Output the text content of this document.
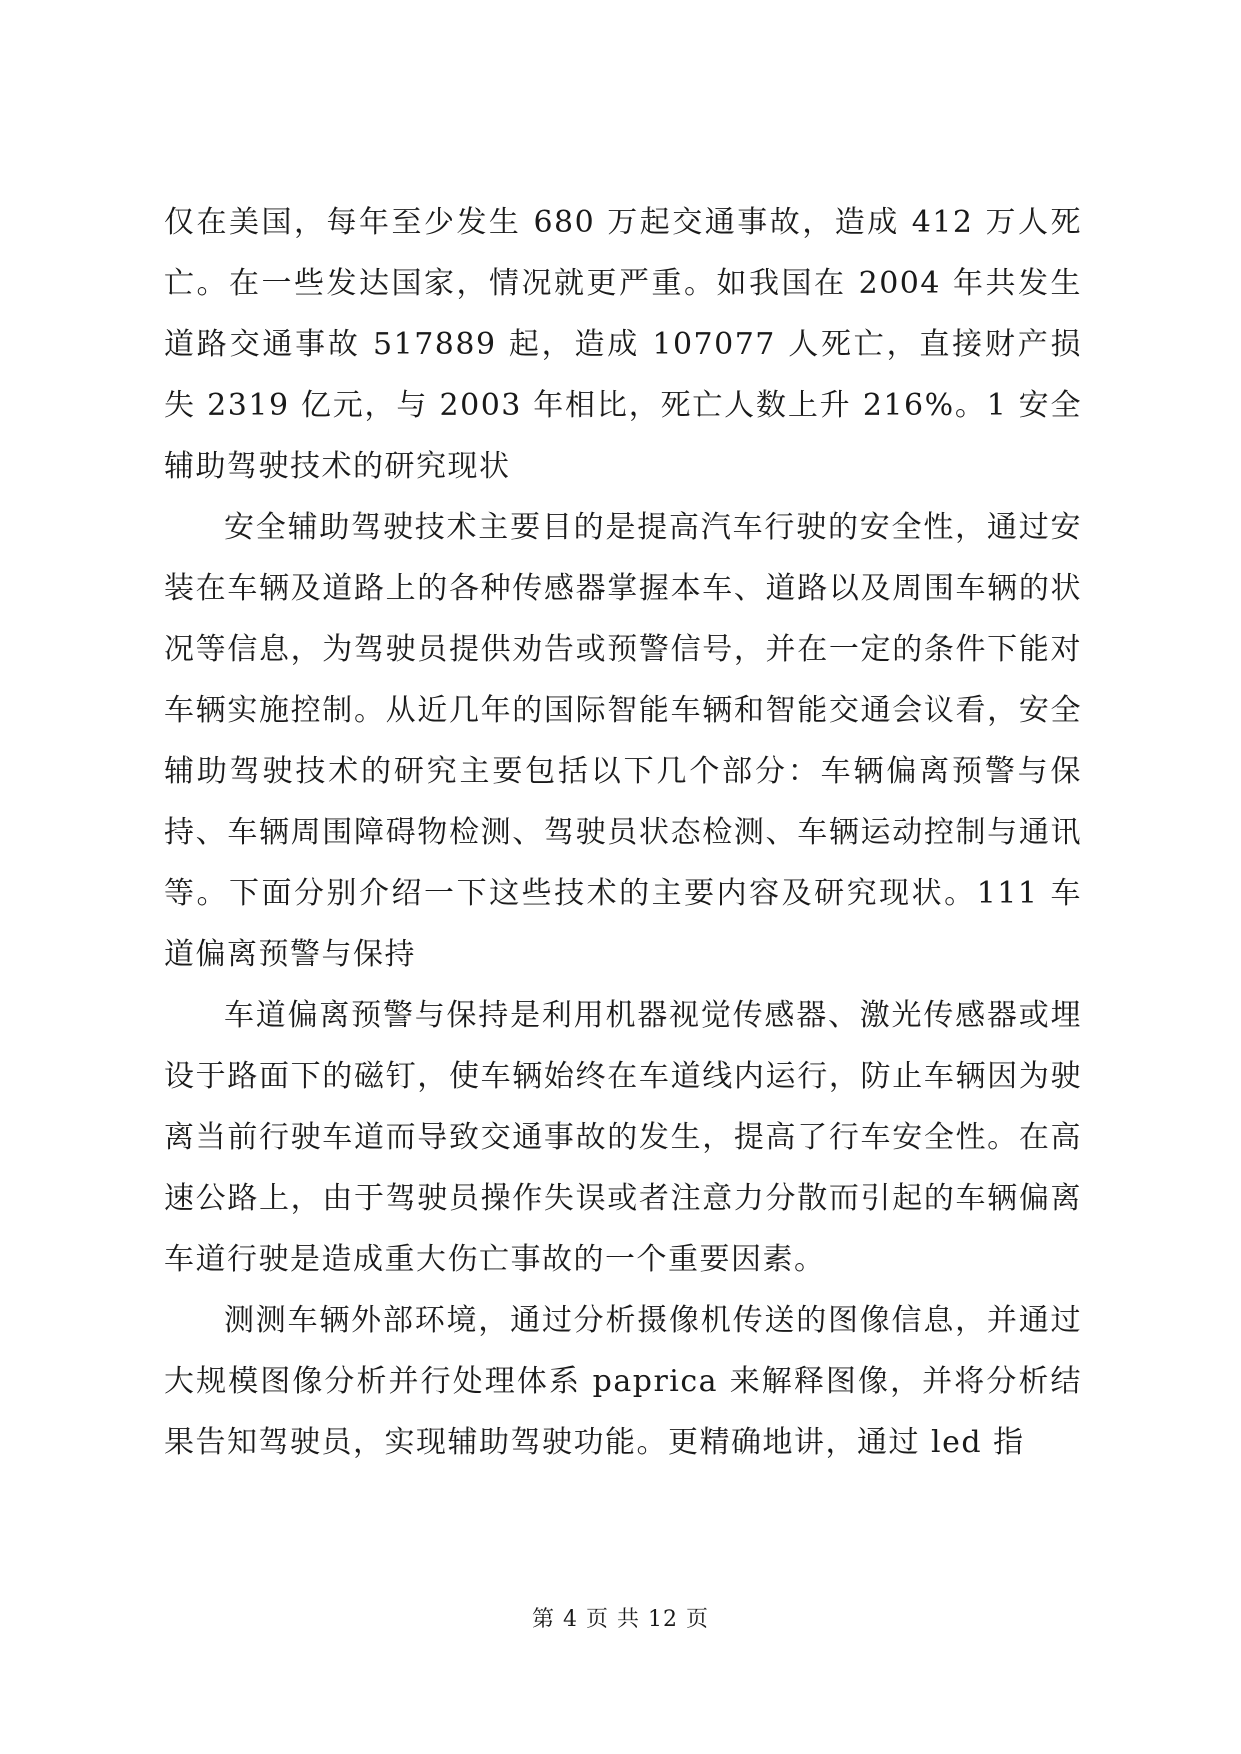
仅在美国，每年至少发生 680 万起交通事故，造成 412 万人死亡。在一些发达国家，情况就更严重。如我国在 2004 年共发生道路交通事故 517889 起，造成 107077 人死亡，直接财产损失 2319 亿元，与 2003 年相比，死亡人数上升 216%。1 安全辅助驾驶技术的研究现状

安全辅助驾驶技术主要目的是提高汽车行驶的安全性，通过安装在车辆及道路上的各种传感器掌握本车、道路以及周围车辆的状况等信息，为驾驶员提供劝告或预警信号，并在一定的条件下能对车辆实施控制。从近几年的国际智能车辆和智能交通会议看，安全辅助驾驶技术的研究主要包括以下几个部分：车辆偏离预警与保持、车辆周围障碍物检测、驾驶员状态检测、车辆运动控制与通讯等。下面分别介绍一下这些技术的主要内容及研究现状。111 车道偏离预警与保持

车道偏离预警与保持是利用机器视觉传感器、激光传感器或埋设于路面下的磁钉，使车辆始终在车道线内运行，防止车辆因为驶离当前行驶车道而导致交通事故的发生，提高了行车安全性。在高速公路上，由于驾驶员操作失误或者注意力分散而引起的车辆偏离车道行驶是造成重大伤亡事故的一个重要因素。

测测车辆外部环境，通过分析摄像机传送的图像信息，并通过大规模图像分析并行处理体系 paprica 来解释图像，并将分析结果告知驾驶员，实现辅助驾驶功能。更精确地讲，通过 led 指

第 4 页 共 12 页
